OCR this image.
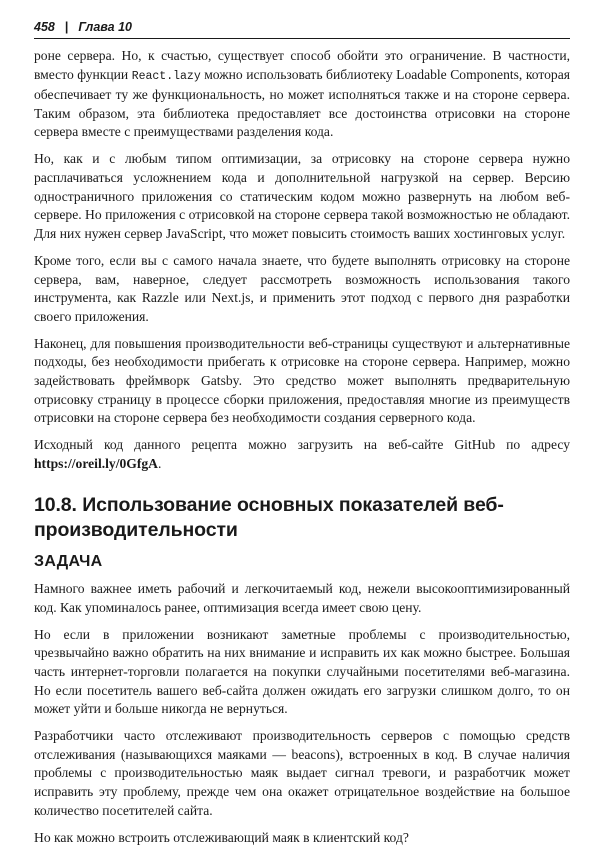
458 | Глава 10

роне сервера. Но, к счастью, существует способ обойти это ограничение. В частности, вместо функции React.lazy можно использовать библиотеку Loadable Components, которая обеспечивает ту же функциональность, но может исполняться также и на стороне сервера. Таким образом, эта библиотека предоставляет все достоинства отрисовки на стороне сервера вместе с преимуществами разделения кода.

Но, как и с любым типом оптимизации, за отрисовку на стороне сервера нужно расплачиваться усложнением кода и дополнительной нагрузкой на сервер. Версию одностраничного приложения со статическим кодом можно развернуть на любом веб-сервере. Но приложения с отрисовкой на стороне сервера такой возможностью не обладают. Для них нужен сервер JavaScript, что может повысить стоимость ваших хостинговых услуг.

Кроме того, если вы с самого начала знаете, что будете выполнять отрисовку на стороне сервера, вам, наверное, следует рассмотреть возможность использования такого инструмента, как Razzle или Next.js, и применить этот подход с первого дня разработки своего приложения.

Наконец, для повышения производительности веб-страницы существуют и альтернативные подходы, без необходимости прибегать к отрисовке на стороне сервера. Например, можно задействовать фреймворк Gatsby. Это средство может выполнять предварительную отрисовку страницу в процессе сборки приложения, предоставляя многие из преимуществ отрисовки на стороне сервера без необходимости создания серверного кода.

Исходный код данного рецепта можно загрузить на веб-сайте GitHub по адресу https://oreil.ly/0GfgA.

10.8. Использование основных показателей веб-производительности
ЗАДАЧА

Намного важнее иметь рабочий и легкочитаемый код, нежели высокооптимизированный код. Как упоминалось ранее, оптимизация всегда имеет свою цену.

Но если в приложении возникают заметные проблемы с производительностью, чрезвычайно важно обратить на них внимание и исправить их как можно быстрее. Большая часть интернет-торговли полагается на покупки случайными посетителями веб-магазина. Но если посетитель вашего веб-сайта должен ожидать его загрузки слишком долго, то он может уйти и больше никогда не вернуться.

Разработчики часто отслеживают производительность серверов с помощью средств отслеживания (называющихся маяками — beacons), встроенных в код. В случае наличия проблемы с производительностью маяк выдает сигнал тревоги, и разработчик может исправить эту проблему, прежде чем она окажет отрицательное воздействие на большое количество посетителей сайта.

Но как можно встроить отслеживающий маяк в клиентский код?
